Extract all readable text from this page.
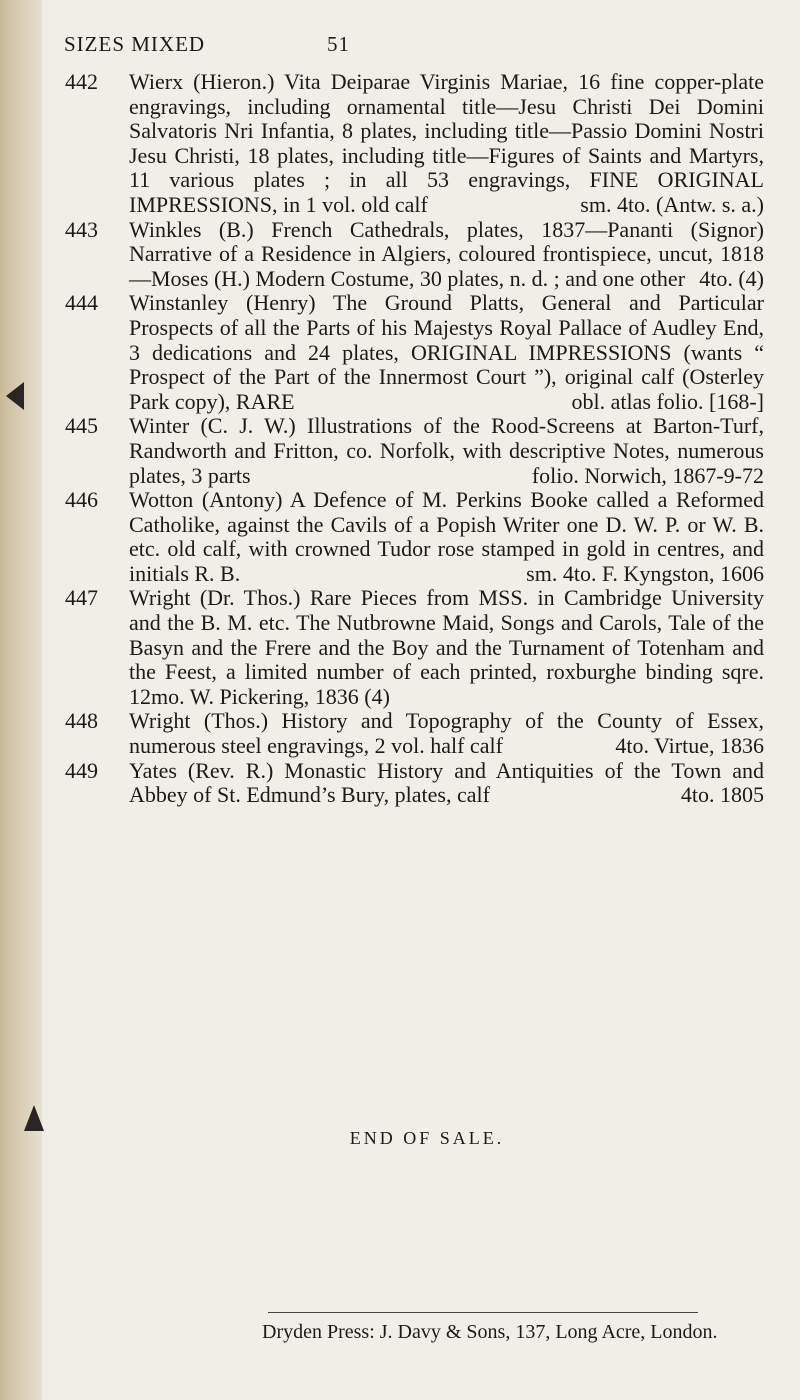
SIZES MIXED	51
442	Wierx (Hieron.) Vita Deiparae Virginis Mariae, 16 fine copper-plate engravings, including ornamental title—Jesu Christi Dei Domini Salvatoris Nri Infantia, 8 plates, including title—Passio Domini Nostri Jesu Christi, 18 plates, including title—Figures of Saints and Martyrs, 11 various plates ; in all 53 engravings, FINE ORIGINAL IMPRESSIONS, in 1 vol. old calf	sm. 4to. (Antw. s. a.)
443	Winkles (B.) French Cathedrals, plates, 1837—Pananti (Signor) Narrative of a Residence in Algiers, coloured frontispiece, uncut, 1818—Moses (H.) Modern Costume, 30 plates, n. d. ; and one other 4to. (4)
444	Winstanley (Henry) The Ground Platts, General and Particular Prospects of all the Parts of his Majestys Royal Pallace of Audley End, 3 dedications and 24 plates, ORIGINAL IMPRESSIONS (wants “ Prospect of the Part of the Innermost Court ”), original calf (Osterley Park copy), RARE	obl. atlas folio. [168-]
445	Winter (C. J. W.) Illustrations of the Rood-Screens at Barton-Turf, Randworth and Fritton, co. Norfolk, with descriptive Notes, numerous plates, 3 parts	folio. Norwich, 1867-9-72
446	Wotton (Antony) A Defence of M. Perkins Booke called a Reformed Catholike, against the Cavils of a Popish Writer one D. W. P. or W. B. etc. old calf, with crowned Tudor rose stamped in gold in centres, and initials R. B.	sm. 4to. F. Kyngston, 1606
447	Wright (Dr. Thos.) Rare Pieces from MSS. in Cambridge University and the B. M. etc. The Nutbrowne Maid, Songs and Carols, Tale of the Basyn and the Frere and the Boy and the Turnament of Totenham and the Feest, a limited number of each printed, roxburghe binding sqre. 12mo. W. Pickering, 1836 (4)
448	Wright (Thos.) History and Topography of the County of Essex, numerous steel engravings, 2 vol. half calf	4to. Virtue, 1836
449	Yates (Rev. R.) Monastic History and Antiquities of the Town and Abbey of St. Edmund’s Bury, plates, calf	4to. 1805
END OF SALE.
Dryden Press: J. Davy & Sons, 137, Long Acre, London.
